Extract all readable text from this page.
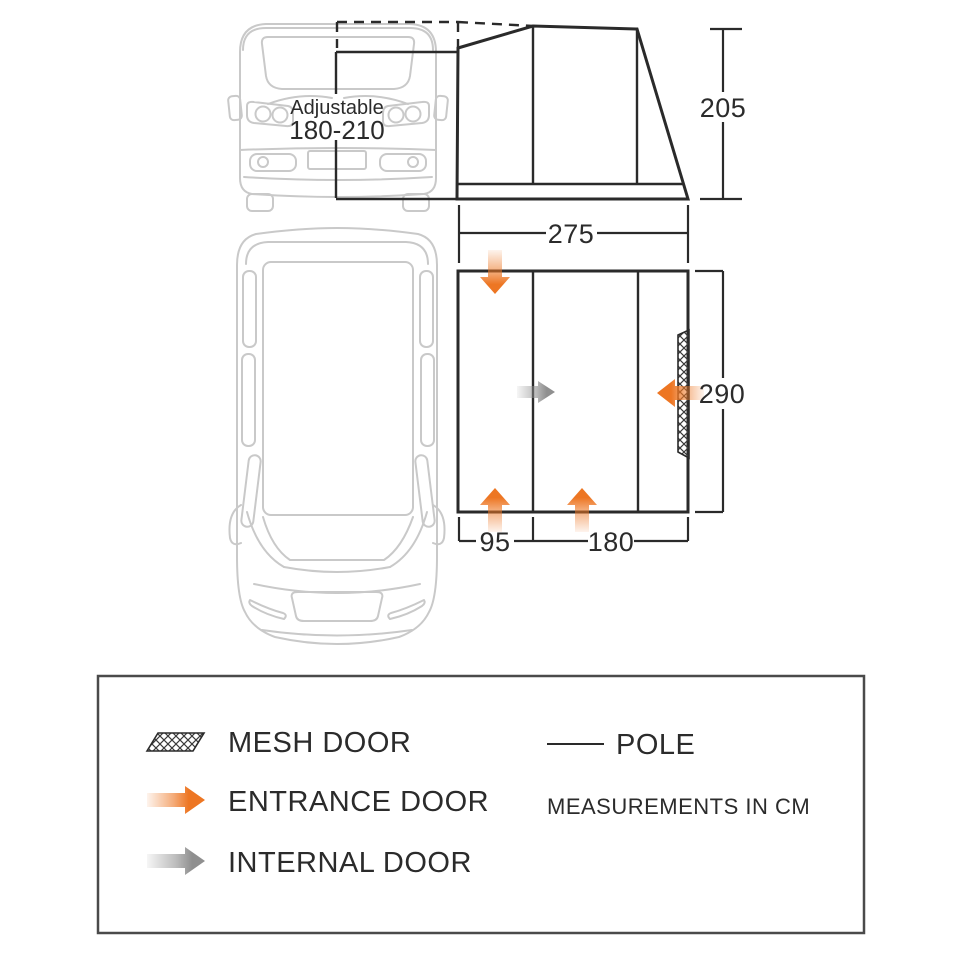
Adjustable
180-210
205
275
290
95	180
MESH DOOR
ENTRANCE DOOR
INTERNAL DOOR
POLE
MEASUREMENTS IN CM
